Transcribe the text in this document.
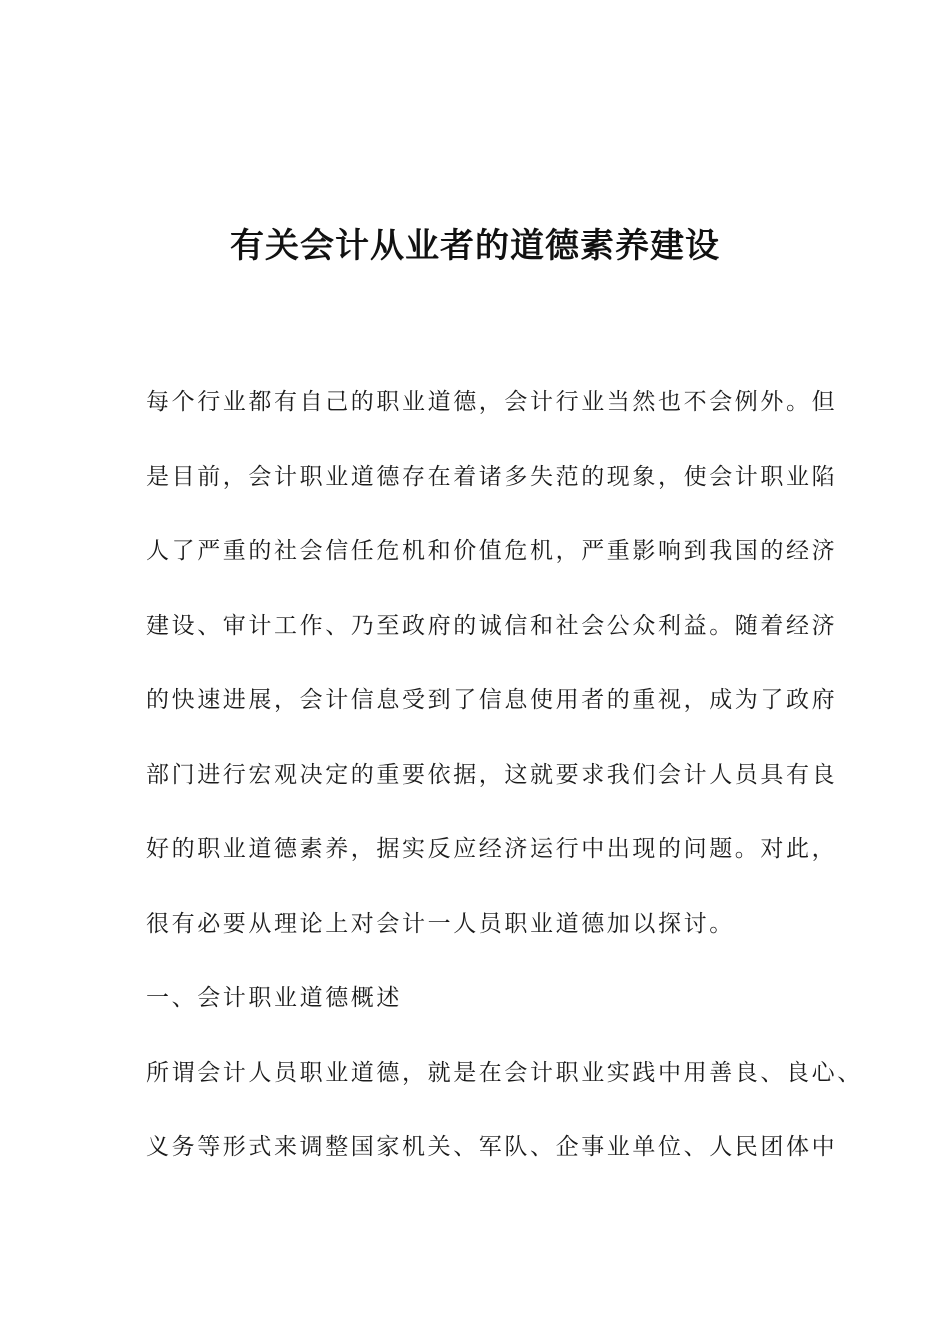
有关会计从业者的道德素养建设
每个行业都有自己的职业道德，会计行业当然也不会例外。但
是目前，会计职业道德存在着诸多失范的现象，使会计职业陷
人了严重的社会信任危机和价值危机，严重影响到我国的经济
建设、审计工作、乃至政府的诚信和社会公众利益。随着经济
的快速进展，会计信息受到了信息使用者的重视，成为了政府
部门进行宏观决定的重要依据，这就要求我们会计人员具有良
好的职业道德素养，据实反应经济运行中出现的问题。对此，
很有必要从理论上对会计一人员职业道德加以探讨。
一、会计职业道德概述
所谓会计人员职业道德，就是在会计职业实践中用善良、良心、
义务等形式来调整国家机关、军队、企事业单位、人民团体中
